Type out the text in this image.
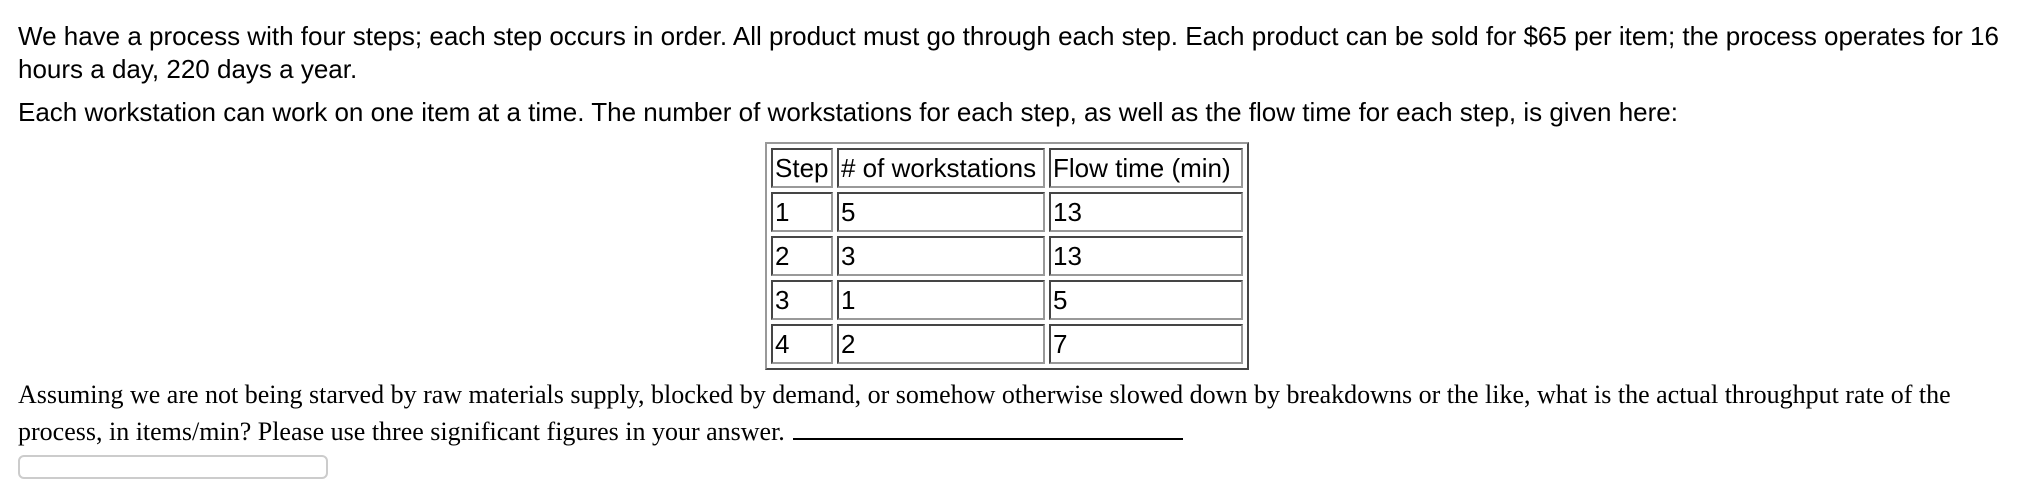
We have a process with four steps; each step occurs in order. All product must go through each step. Each product can be sold for $65 per item; the process operates for 16 hours a day, 220 days a year.

Each workstation can work on one item at a time. The number of workstations for each step, as well as the flow time for each step, is given here:

Step	# of workstations	Flow time (min)
1	5	13
2	3	13
3	1	5
4	2	7

Assuming we are not being starved by raw materials supply, blocked by demand, or somehow otherwise slowed down by breakdowns or the like, what is the actual throughput rate of the process, in items/min? Please use three significant figures in your answer.
